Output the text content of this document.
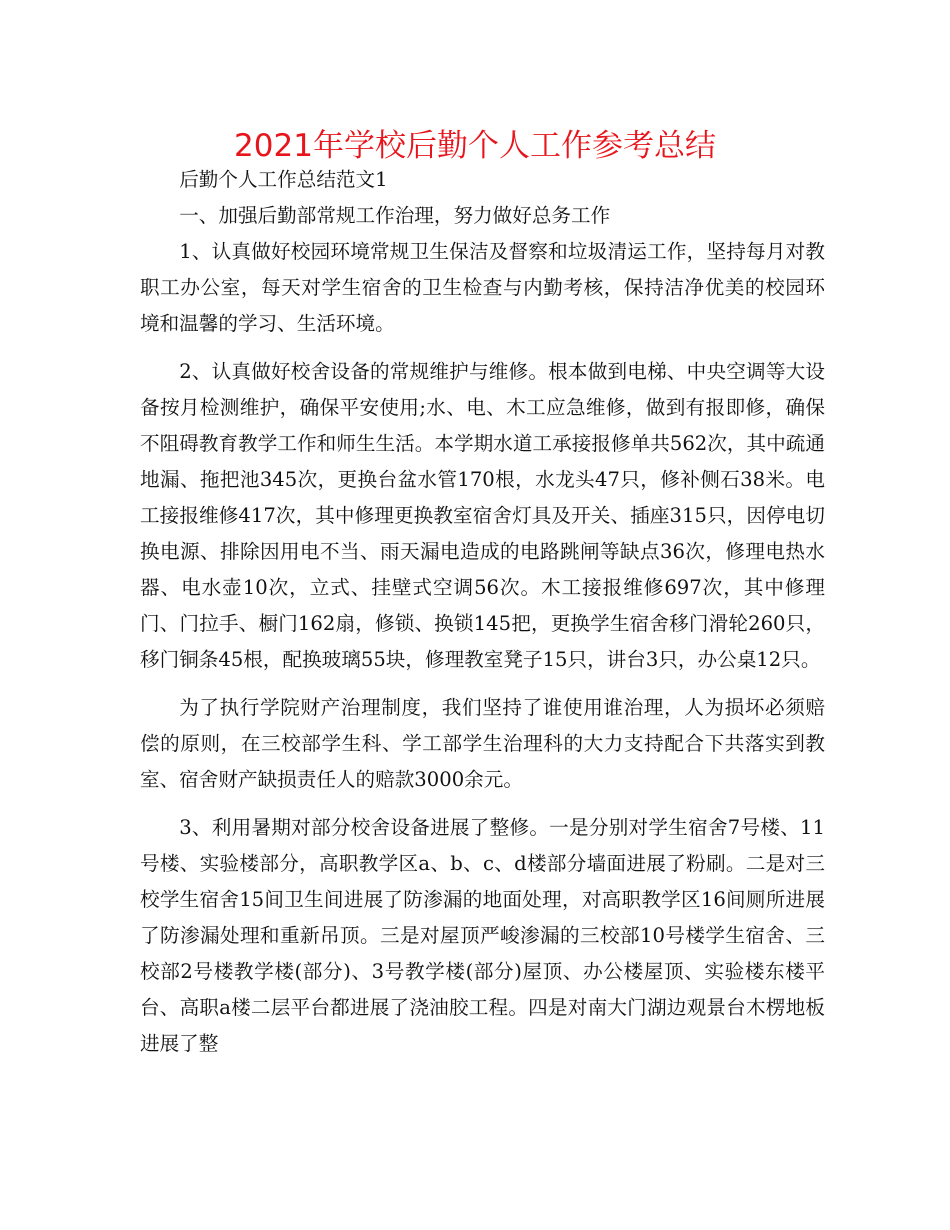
2021年学校后勤个人工作参考总结

后勤个人工作总结范文1

一、加强后勤部常规工作治理，努力做好总务工作

1、认真做好校园环境常规卫生保洁及督察和垃圾清运工作，坚持每月对教职工办公室，每天对学生宿舍的卫生检查与内勤考核，保持洁净优美的校园环境和温馨的学习、生活环境。

2、认真做好校舍设备的常规维护与维修。根本做到电梯、中央空调等大设备按月检测维护，确保平安使用;水、电、木工应急维修，做到有报即修，确保不阻碍教育教学工作和师生生活。本学期水道工承接报修单共562次，其中疏通地漏、拖把池345次，更换台盆水管170根，水龙头47只，修补侧石38米。电工接报维修417次，其中修理更换教室宿舍灯具及开关、插座315只，因停电切换电源、排除因用电不当、雨天漏电造成的电路跳闸等缺点36次，修理电热水器、电水壶10次，立式、挂壁式空调56次。木工接报维修697次，其中修理门、门拉手、橱门162扇，修锁、换锁145把，更换学生宿舍移门滑轮260只，移门铜条45根，配换玻璃55块，修理教室凳子15只，讲台3只，办公桌12只。

为了执行学院财产治理制度，我们坚持了谁使用谁治理，人为损坏必须赔偿的原则，在三校部学生科、学工部学生治理科的大力支持配合下共落实到教室、宿舍财产缺损责任人的赔款3000余元。

3、利用暑期对部分校舍设备进展了整修。一是分别对学生宿舍7号楼、11号楼、实验楼部分，高职教学区a、b、c、d楼部分墙面进展了粉刷。二是对三校学生宿舍15间卫生间进展了防渗漏的地面处理，对高职教学区16间厕所进展了防渗漏处理和重新吊顶。三是对屋顶严峻渗漏的三校部10号楼学生宿舍、三校部2号楼教学楼(部分)、3号教学楼(部分)屋顶、办公楼屋顶、实验楼东楼平台、高职a楼二层平台都进展了浇油胶工程。四是对南大门湖边观景台木楞地板进展了整
